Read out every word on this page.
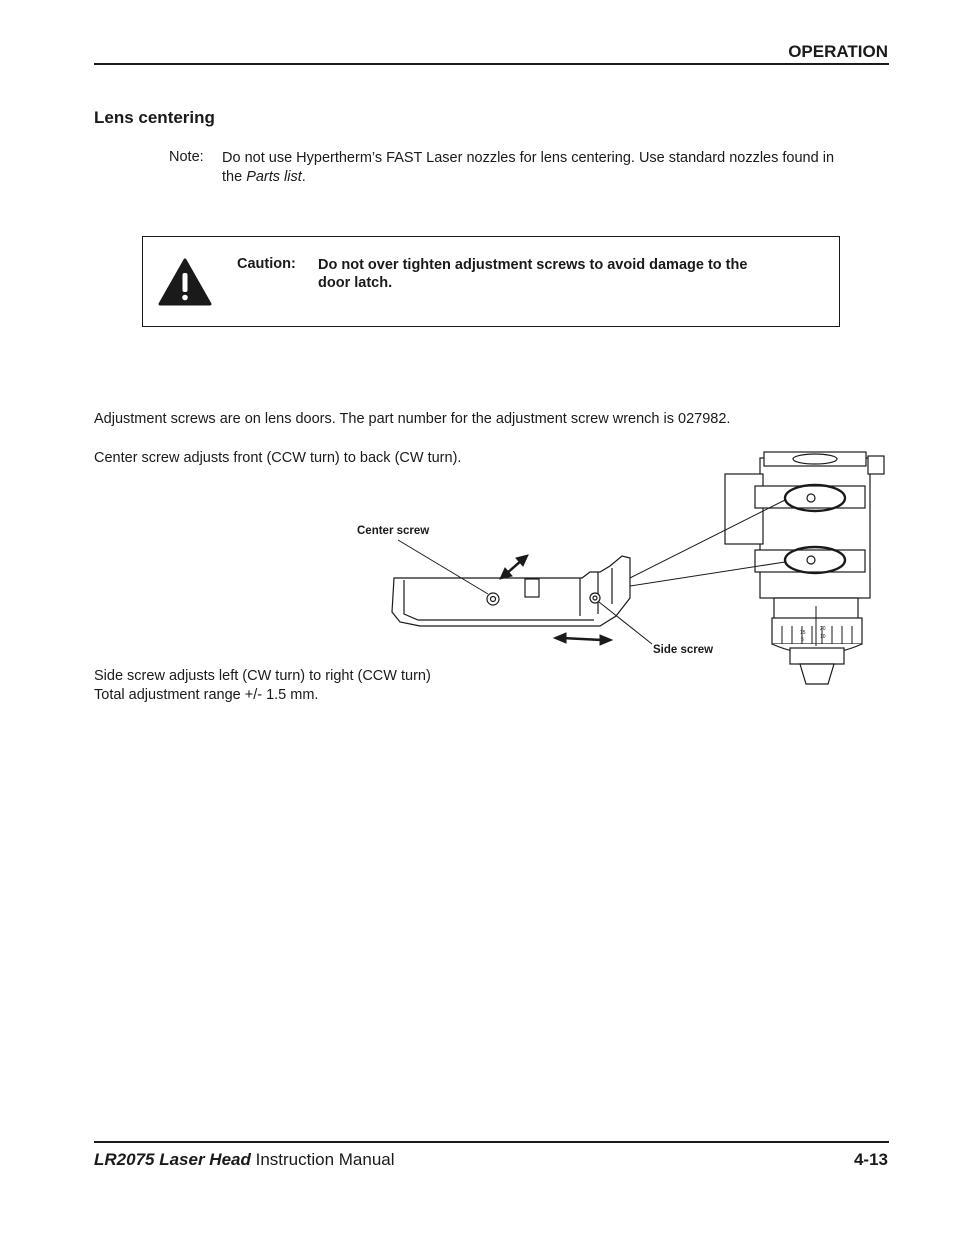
OPERATION
Lens centering
Note: Do not use Hypertherm’s FAST Laser nozzles for lens centering. Use standard nozzles found in
the Parts list.
Caution: Do not over tighten adjustment screws to avoid damage to the
door latch.
Adjustment screws are on lens doors. The part number for the adjustment screw wrench is 027982.
Center screw adjusts front (CCW turn) to back (CW turn).
20
15
10
5
Center screw
Side screw
Side screw adjusts left (CW turn) to right (CCW turn)
Total adjustment range +/- 1.5 mm.
LR2075 Laser Head Instruction Manual	4-13
